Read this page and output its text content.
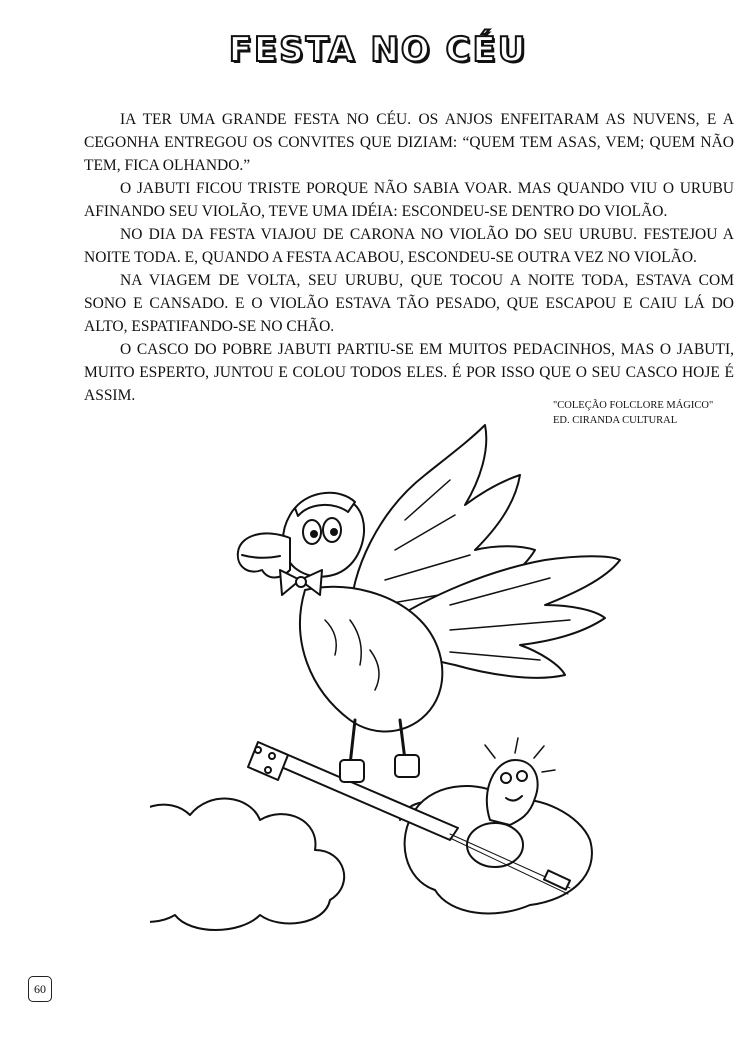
FESTA NO CÉU

IA TER UMA GRANDE FESTA NO CÉU. OS ANJOS ENFEITARAM AS NUVENS, E A CEGONHA ENTREGOU OS CONVITES QUE DIZIAM: “QUEM TEM ASAS, VEM; QUEM NÃO TEM, FICA OLHANDO.”

O JABUTI FICOU TRISTE PORQUE NÃO SABIA VOAR. MAS QUANDO VIU O URUBU AFINANDO SEU VIOLÃO, TEVE UMA IDÉIA: ESCONDEU-SE DENTRO DO VIOLÃO.

NO DIA DA FESTA VIAJOU DE CARONA NO VIOLÃO DO SEU URUBU. FESTEJOU A NOITE TODA. E, QUANDO A FESTA ACABOU, ESCONDEU-SE OUTRA VEZ NO VIOLÃO.

NA VIAGEM DE VOLTA, SEU URUBU, QUE TOCOU A NOITE TODA, ESTAVA COM SONO E CANSADO. E O VIOLÃO ESTAVA TÃO PESADO, QUE ESCAPOU E CAIU LÁ DO ALTO, ESPATIFANDO-SE NO CHÃO.

O CASCO DO POBRE JABUTI PARTIU-SE EM MUITOS PEDACINHOS, MAS O JABUTI, MUITO ESPERTO, JUNTOU E COLOU TODOS ELES. É POR ISSO QUE O SEU CASCO HOJE É ASSIM.

"COLEÇÃO FOLCLORE MÁGICO"
ED. CIRANDA CULTURAL
60
